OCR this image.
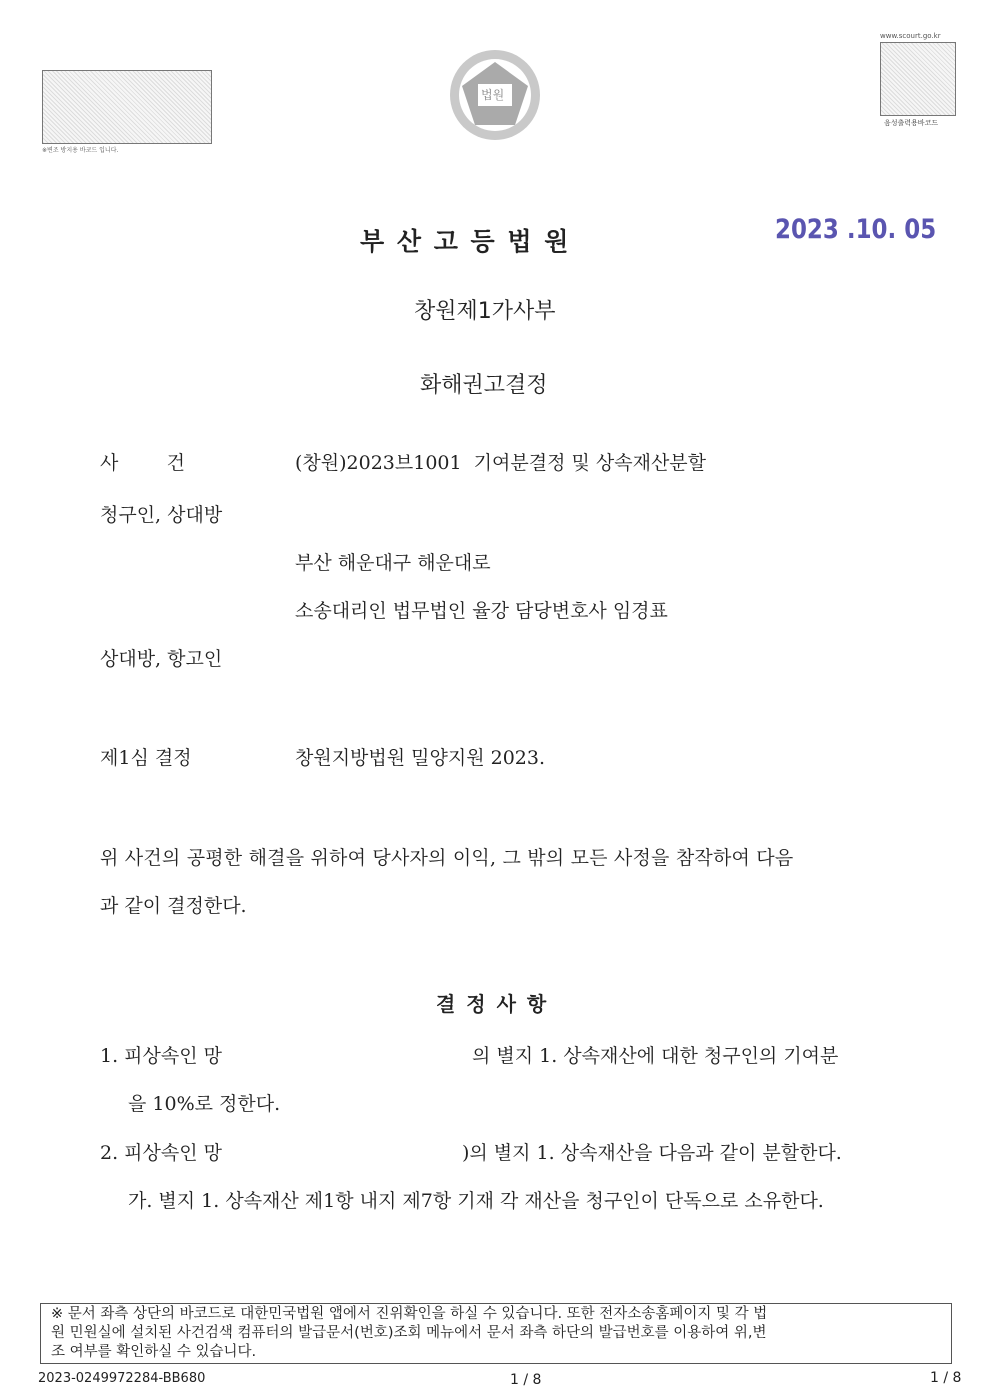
※변조 방지용 바코드 입니다.
www.scourt.go.kr
음성출력용바코드
법원
부 산 고 등 법 원	2023 .10. 05
창원제1가사부
화해권고결정
사        건	(창원)2023브1001  기여분결정 및 상속재산분할
청구인, 상대방
부산 해운대구 해운대로
소송대리인 법무법인 율강 담당변호사 임경표
상대방, 항고인
제1심 결정	창원지방법원 밀양지원 2023.
위 사건의 공평한 해결을 위하여 당사자의 이익, 그 밖의 모든 사정을 참작하여 다음
과 같이 결정한다.
결 정 사 항
1. 피상속인 망	의 별지 1. 상속재산에 대한 청구인의 기여분
을 10%로 정한다.
2. 피상속인 망	)의 별지 1. 상속재산을 다음과 같이 분할한다.
가. 별지 1. 상속재산 제1항 내지 제7항 기재 각 재산을 청구인이 단독으로 소유한다.
※ 문서 좌측 상단의 바코드로 대한민국법원 앱에서 진위확인을 하실 수 있습니다. 또한 전자소송홈페이지 및 각 법
원 민원실에 설치된 사건검색 컴퓨터의 발급문서(번호)조회 메뉴에서 문서 좌측 하단의 발급번호를 이용하여 위,변
조 여부를 확인하실 수 있습니다.
2023-0249972284-BB680	1 / 8	1 / 8
